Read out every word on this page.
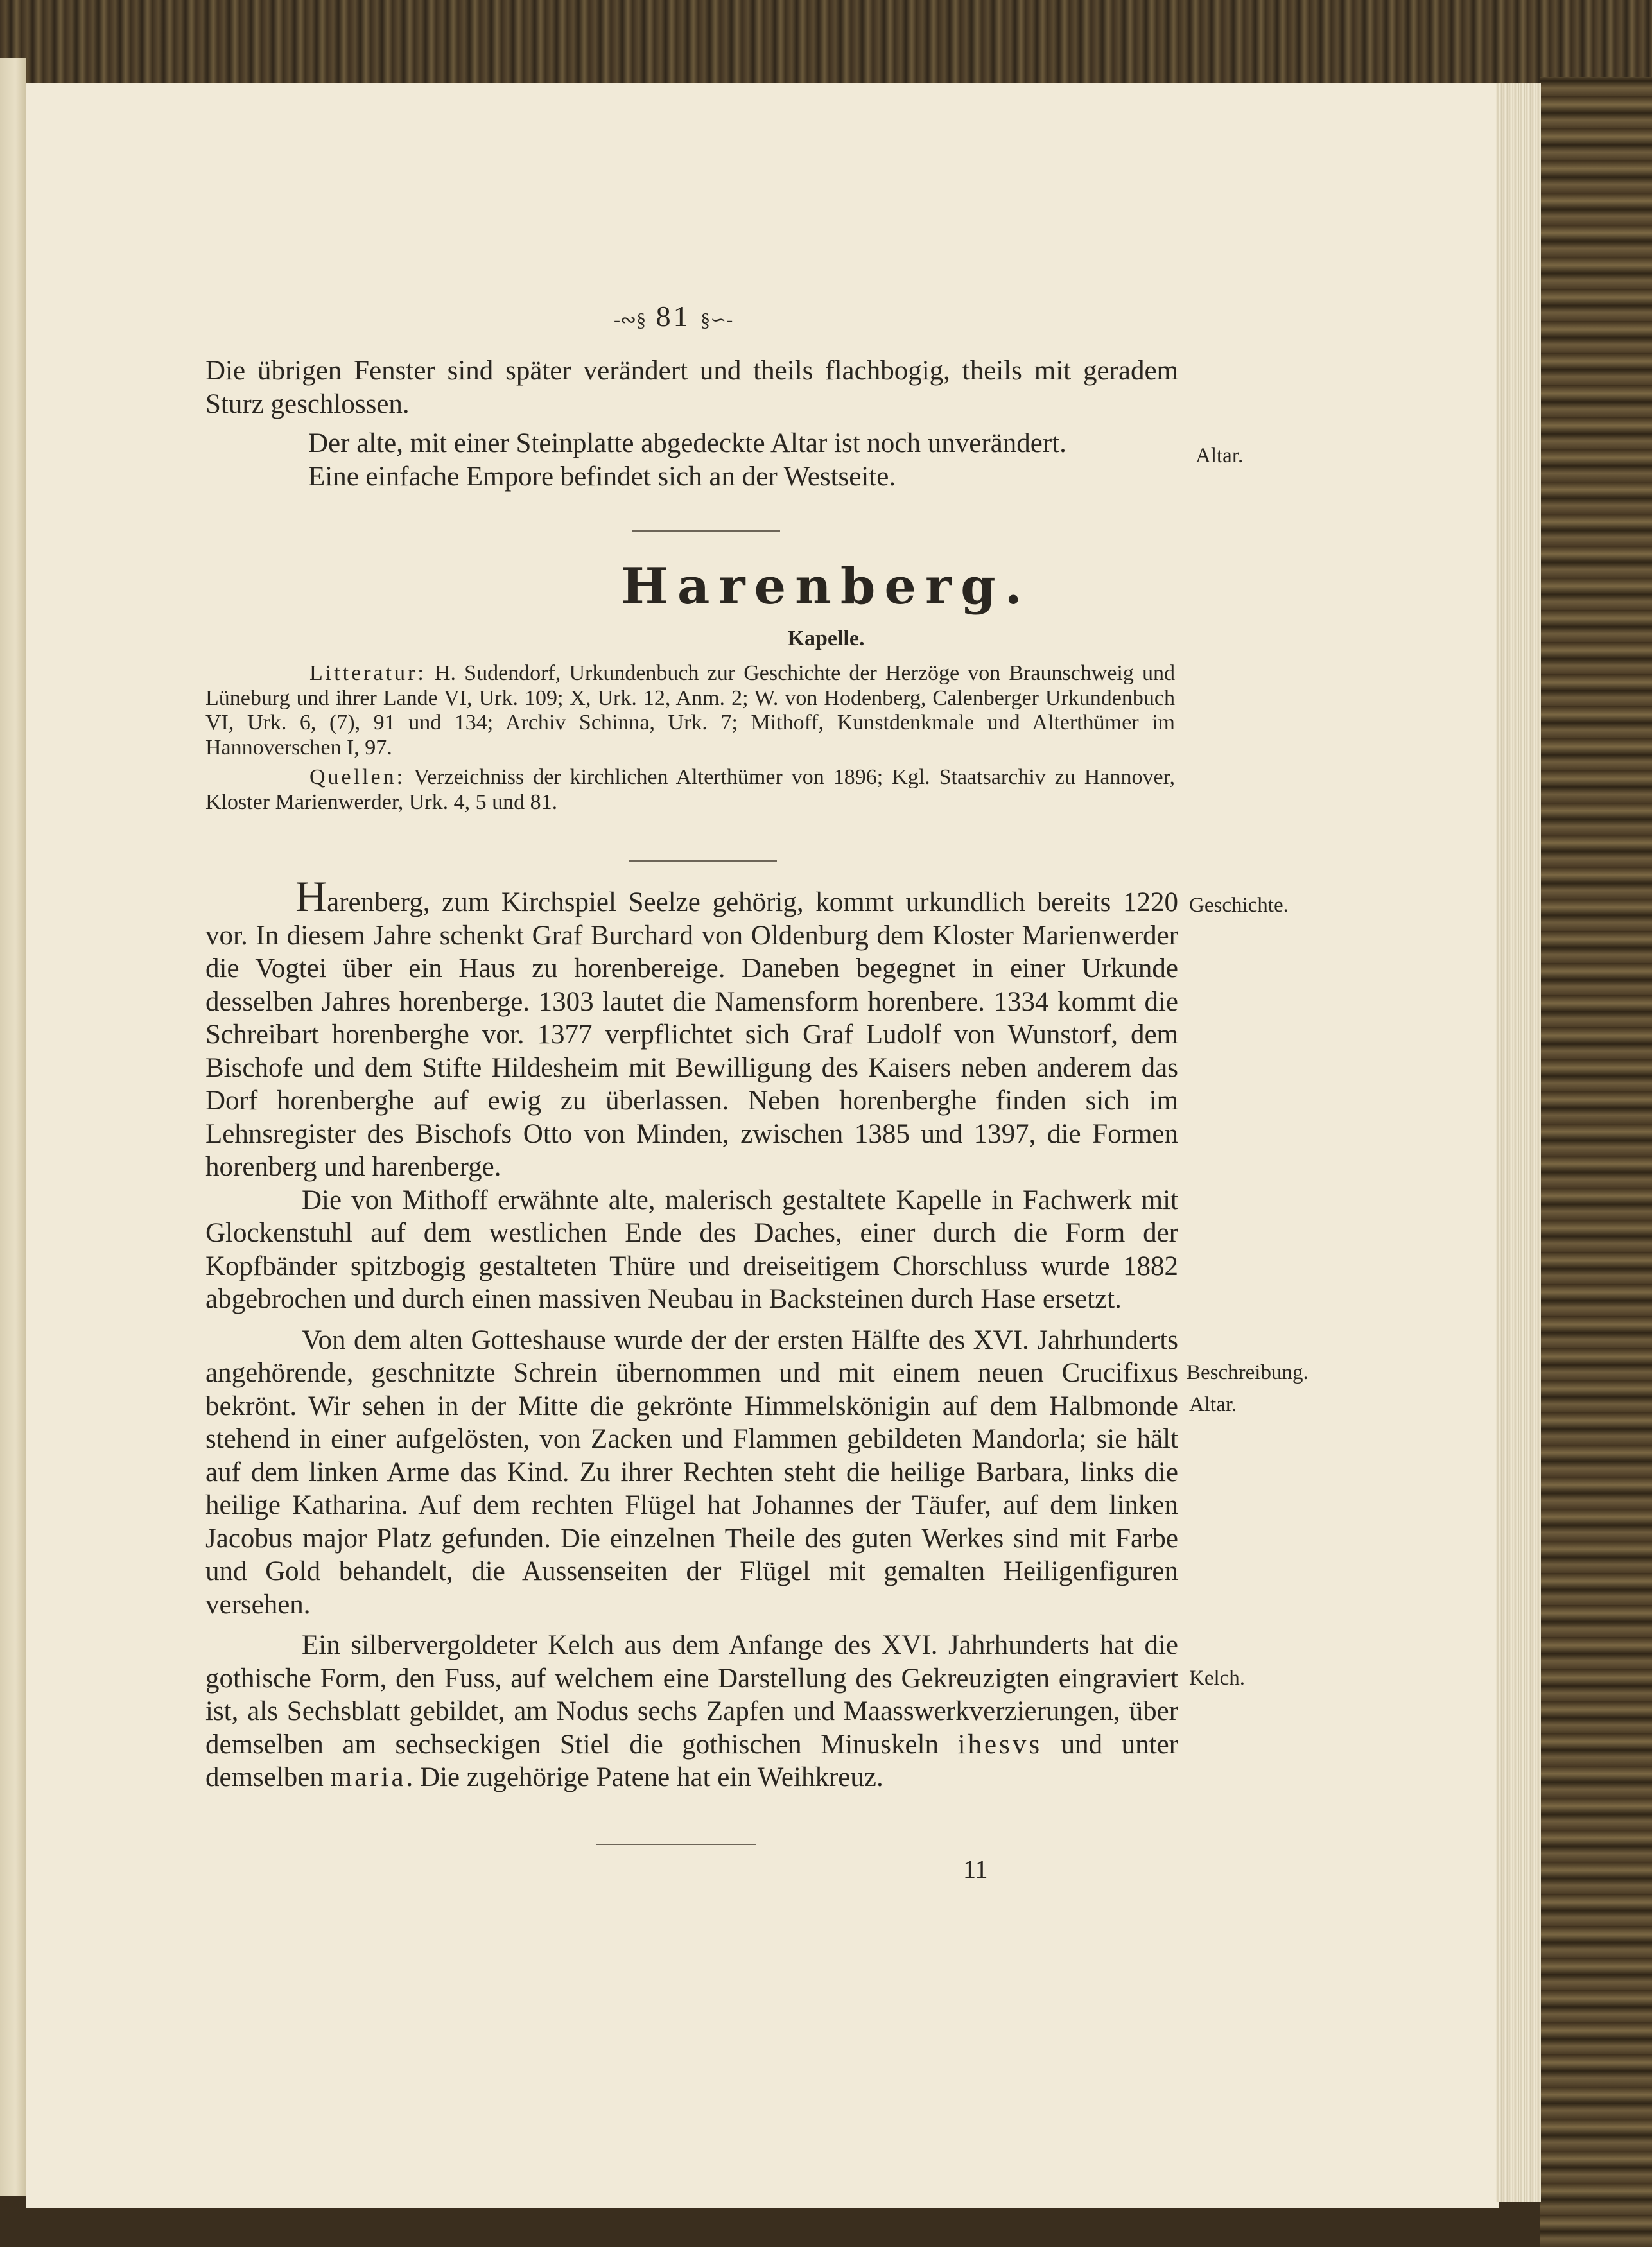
-∾§ 81 §∽-

Die übrigen Fenster sind später verändert und theils flachbogig, theils mit geradem Sturz geschlossen.

Der alte, mit einer Steinplatte abgedeckte Altar ist noch unverändert.

Eine einfache Empore befindet sich an der Westseite.

Harenberg.
Kapelle.

Litteratur: H. Sudendorf, Urkundenbuch zur Geschichte der Herzöge von Braunschweig und Lüneburg und ihrer Lande VI, Urk. 109; X, Urk. 12, Anm. 2; W. von Hodenberg, Calenberger Urkundenbuch VI, Urk. 6, (7), 91 und 134; Archiv Schinna, Urk. 7; Mithoff, Kunstdenkmale und Alterthümer im Hannoverschen I, 97.

Quellen: Verzeichniss der kirchlichen Alterthümer von 1896; Kgl. Staatsarchiv zu Hannover, Kloster Marienwerder, Urk. 4, 5 und 81.

Harenberg, zum Kirchspiel Seelze gehörig, kommt urkundlich bereits 1220 vor. In diesem Jahre schenkt Graf Burchard von Oldenburg dem Kloster Marienwerder die Vogtei über ein Haus zu horenbereige. Daneben begegnet in einer Urkunde desselben Jahres horenberge. 1303 lautet die Namensform horenbere. 1334 kommt die Schreibart horenberghe vor. 1377 verpflichtet sich Graf Ludolf von Wunstorf, dem Bischofe und dem Stifte Hildesheim mit Bewilligung des Kaisers neben anderem das Dorf horenberghe auf ewig zu überlassen. Neben horenberghe finden sich im Lehnsregister des Bischofs Otto von Minden, zwischen 1385 und 1397, die Formen horenberg und harenberge.

Die von Mithoff erwähnte alte, malerisch gestaltete Kapelle in Fachwerk mit Glockenstuhl auf dem westlichen Ende des Daches, einer durch die Form der Kopfbänder spitzbogig gestalteten Thüre und dreiseitigem Chorschluss wurde 1882 abgebrochen und durch einen massiven Neubau in Backsteinen durch Hase ersetzt.

Von dem alten Gotteshause wurde der der ersten Hälfte des XVI. Jahrhunderts angehörende, geschnitzte Schrein übernommen und mit einem neuen Crucifixus bekrönt. Wir sehen in der Mitte die gekrönte Himmelskönigin auf dem Halbmonde stehend in einer aufgelösten, von Zacken und Flammen gebildeten Mandorla; sie hält auf dem linken Arme das Kind. Zu ihrer Rechten steht die heilige Barbara, links die heilige Katharina. Auf dem rechten Flügel hat Johannes der Täufer, auf dem linken Jacobus major Platz gefunden. Die einzelnen Theile des guten Werkes sind mit Farbe und Gold behandelt, die Aussenseiten der Flügel mit gemalten Heiligenfiguren versehen.

Ein silbervergoldeter Kelch aus dem Anfange des XVI. Jahrhunderts hat die gothische Form, den Fuss, auf welchem eine Darstellung des Gekreuzigten eingraviert ist, als Sechsblatt gebildet, am Nodus sechs Zapfen und Maasswerkverzierungen, über demselben am sechseckigen Stiel die gothischen Minuskeln ihesvs und unter demselben maria. Die zugehörige Patene hat ein Weihkreuz.

11
Altar.
Geschichte.
Beschreibung.
Altar.
Kelch.
